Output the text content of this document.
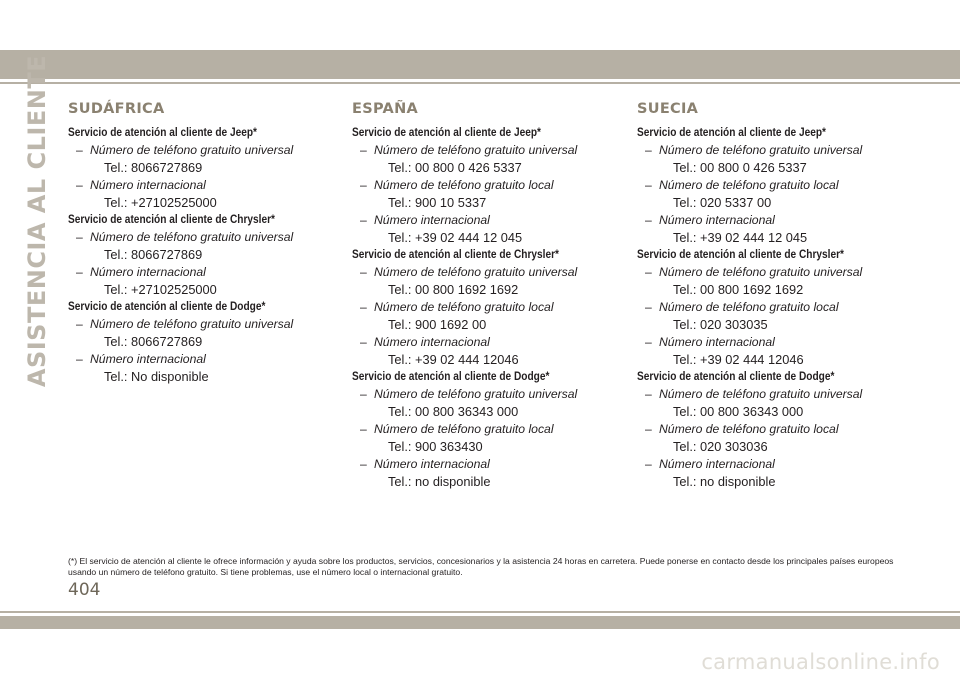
ASISTENCIA AL CLIENTE SUDÁFRICA
Servicio de atención al cliente de Jeep*
– Número de teléfono gratuito universal
Tel.: 8066727869
– Número internacional
Tel.: +27102525000
Servicio de atención al cliente de Chrysler*
– Número de teléfono gratuito universal
Tel.: 8066727869
– Número internacional
Tel.: +27102525000
Servicio de atención al cliente de Dodge*
– Número de teléfono gratuito universal
Tel.: 8066727869
– Número internacional
Tel.: No disponible
ESPAÑA
Servicio de atención al cliente de Jeep*
– Número de teléfono gratuito universal
Tel.: 00 800 0 426 5337
– Número de teléfono gratuito local
Tel.: 900 10 5337
– Número internacional
Tel.: +39 02 444 12 045
Servicio de atención al cliente de Chrysler*
– Número de teléfono gratuito universal
Tel.: 00 800 1692 1692
– Número de teléfono gratuito local
Tel.: 900 1692 00
– Número internacional
Tel.: +39 02 444 12046
Servicio de atención al cliente de Dodge*
– Número de teléfono gratuito universal
Tel.: 00 800 36343 000
– Número de teléfono gratuito local
Tel.: 900 363430
– Número internacional
Tel.: no disponible
SUECIA
Servicio de atención al cliente de Jeep*
– Número de teléfono gratuito universal
Tel.: 00 800 0 426 5337
– Número de teléfono gratuito local
Tel.: 020 5337 00
– Número internacional
Tel.: +39 02 444 12 045
Servicio de atención al cliente de Chrysler*
– Número de teléfono gratuito universal
Tel.: 00 800 1692 1692
– Número de teléfono gratuito local
Tel.: 020 303035
– Número internacional
Tel.: +39 02 444 12046
Servicio de atención al cliente de Dodge*
– Número de teléfono gratuito universal
Tel.: 00 800 36343 000
– Número de teléfono gratuito local
Tel.: 020 303036
– Número internacional
Tel.: no disponible
(*) El servicio de atención al cliente le ofrece información y ayuda sobre los productos, servicios, concesionarios y la asistencia 24 horas en carretera. Puede ponerse en contacto desde los principales países europeos usando un número de teléfono gratuito. Si tiene problemas, use el número local o internacional gratuito.
404
carmanualsonline.info
